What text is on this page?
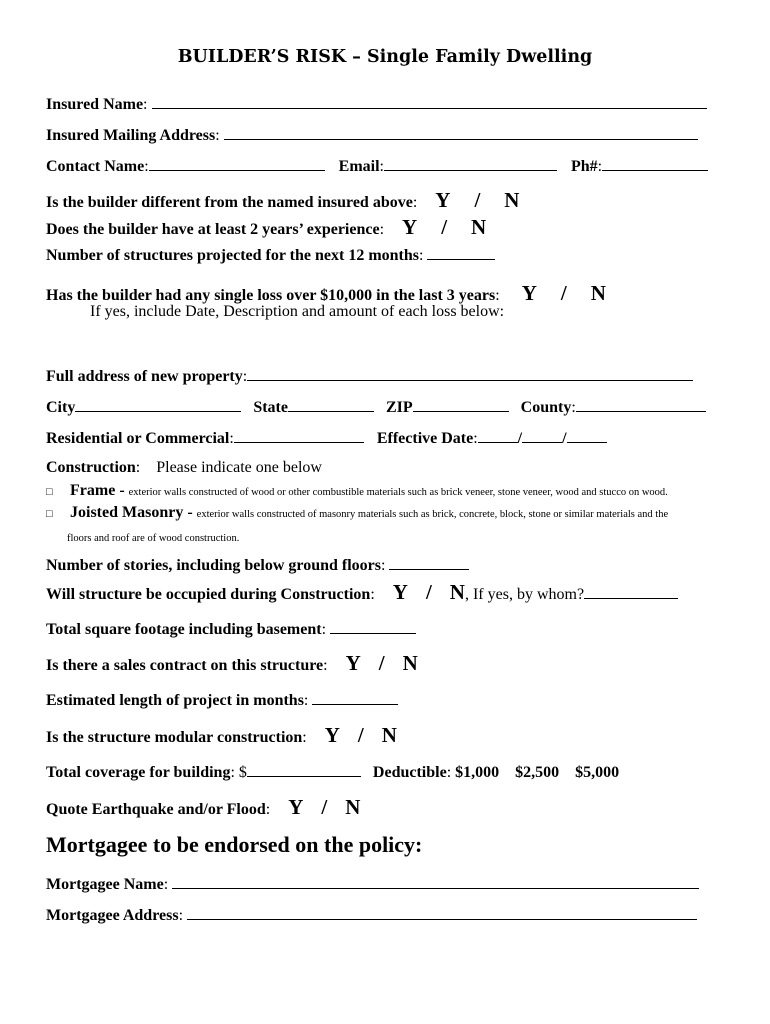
BUILDER’S RISK – Single Family Dwelling
Insured Name:
Insured Mailing Address:
Contact Name:	Email:	Ph#:
Is the builder different from the named insured above: Y / N
Does the builder have at least 2 years’ experience: Y / N
Number of structures projected for the next 12 months:
Has the builder had any single loss over $10,000 in the last 3 years: Y / N
If yes, include Date, Description and amount of each loss below:
Full address of new property:
City	State	ZIP	County:
Residential or Commercial:	Effective Date:	/	/
Construction: Please indicate one below
□ Frame - exterior walls constructed of wood or other combustible materials such as brick veneer, stone veneer, wood and stucco on wood.
□ Joisted Masonry - exterior walls constructed of masonry materials such as brick, concrete, block, stone or similar materials and the
floors and roof are of wood construction.
Number of stories, including below ground floors:
Will structure be occupied during Construction: Y / N, If yes, by whom?
Total square footage including basement:
Is there a sales contract on this structure: Y / N
Estimated length of project in months:
Is the structure modular construction: Y / N
Total coverage for building: $	Deductible: $1,000 $2,500 $5,000
Quote Earthquake and/or Flood: Y / N
Mortgagee to be endorsed on the policy:
Mortgagee Name:
Mortgagee Address:
